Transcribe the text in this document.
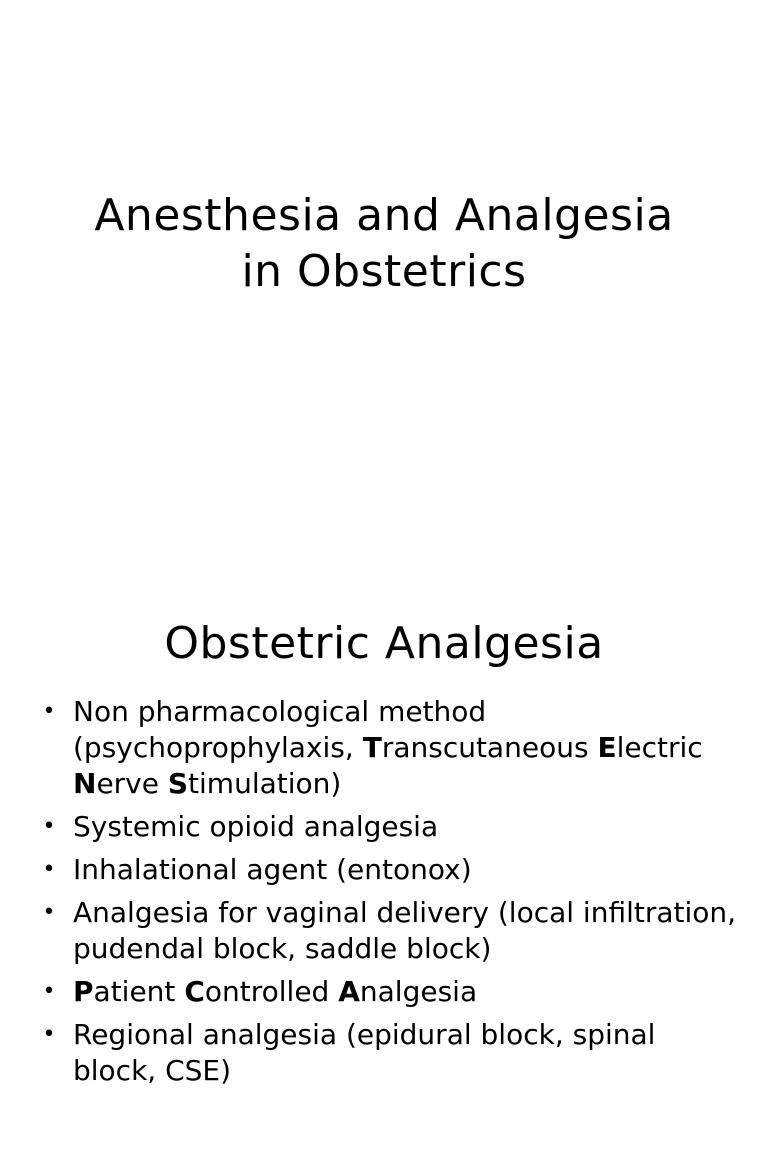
Anesthesia and Analgesia
in Obstetrics
Obstetric Analgesia
• Non pharmacological method (psychoprophylaxis, Transcutaneous Electric Nerve Stimulation)
• Systemic opioid analgesia
• Inhalational agent (entonox)
• Analgesia for vaginal delivery (local infiltration, pudendal block, saddle block)
• Patient Controlled Analgesia
• Regional analgesia (epidural block, spinal block, CSE)
